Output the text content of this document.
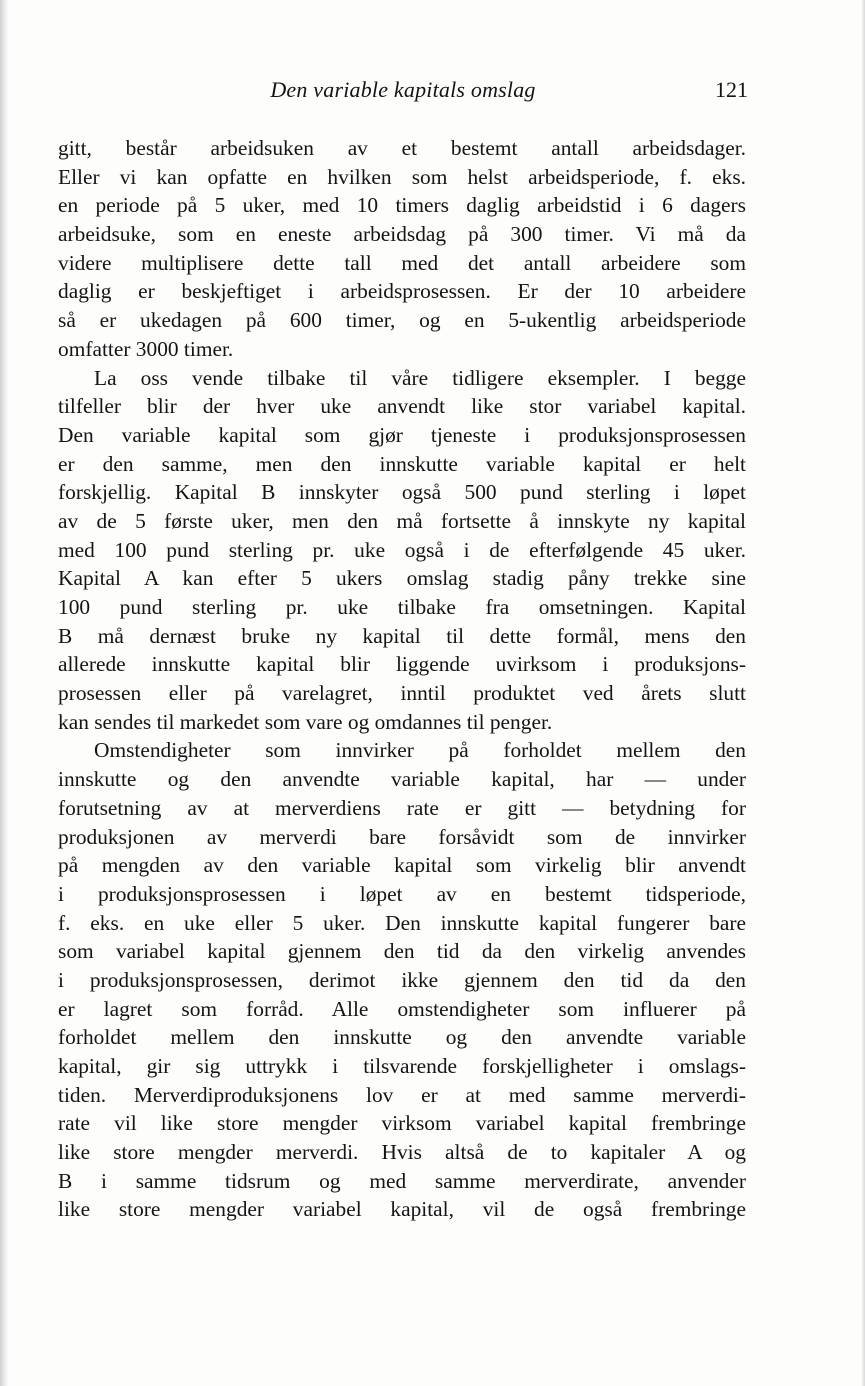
Den variable kapitals omslag	121
gitt, består arbeidsuken av et bestemt antall arbeidsdager.
Eller vi kan opfatte en hvilken som helst arbeidsperiode, f. eks.
en periode på 5 uker, med 10 timers daglig arbeidstid i 6 dagers
arbeidsuke, som en eneste arbeidsdag på 300 timer. Vi må da
videre multiplisere dette tall med det antall arbeidere som
daglig er beskjeftiget i arbeidsprosessen. Er der 10 arbeidere
så er ukedagen på 600 timer, og en 5-ukentlig arbeidsperiode
omfatter 3000 timer.
La oss vende tilbake til våre tidligere eksempler. I begge
tilfeller blir der hver uke anvendt like stor variabel kapital.
Den variable kapital som gjør tjeneste i produksjonsprosessen
er den samme, men den innskutte variable kapital er helt
forskjellig. Kapital B innskyter også 500 pund sterling i løpet
av de 5 første uker, men den må fortsette å innskyte ny kapital
med 100 pund sterling pr. uke også i de efterfølgende 45 uker.
Kapital A kan efter 5 ukers omslag stadig påny trekke sine
100 pund sterling pr. uke tilbake fra omsetningen. Kapital
B må dernæst bruke ny kapital til dette formål, mens den
allerede innskutte kapital blir liggende uvirksom i produksjons-
prosessen eller på varelagret, inntil produktet ved årets slutt
kan sendes til markedet som vare og omdannes til penger.
Omstendigheter som innvirker på forholdet mellem den
innskutte og den anvendte variable kapital, har — under
forutsetning av at merverdiens rate er gitt — betydning for
produksjonen av merverdi bare forsåvidt som de innvirker
på mengden av den variable kapital som virkelig blir anvendt
i produksjonsprosessen i løpet av en bestemt tidsperiode,
f. eks. en uke eller 5 uker. Den innskutte kapital fungerer bare
som variabel kapital gjennem den tid da den virkelig anvendes
i produksjonsprosessen, derimot ikke gjennem den tid da den
er lagret som forråd. Alle omstendigheter som influerer på
forholdet mellem den innskutte og den anvendte variable
kapital, gir sig uttrykk i tilsvarende forskjelligheter i omslags-
tiden. Merverdiproduksjonens lov er at med samme merverdi-
rate vil like store mengder virksom variabel kapital frembringe
like store mengder merverdi. Hvis altså de to kapitaler A og
B i samme tidsrum og med samme merverdirate, anvender
like store mengder variabel kapital, vil de også frembringe
